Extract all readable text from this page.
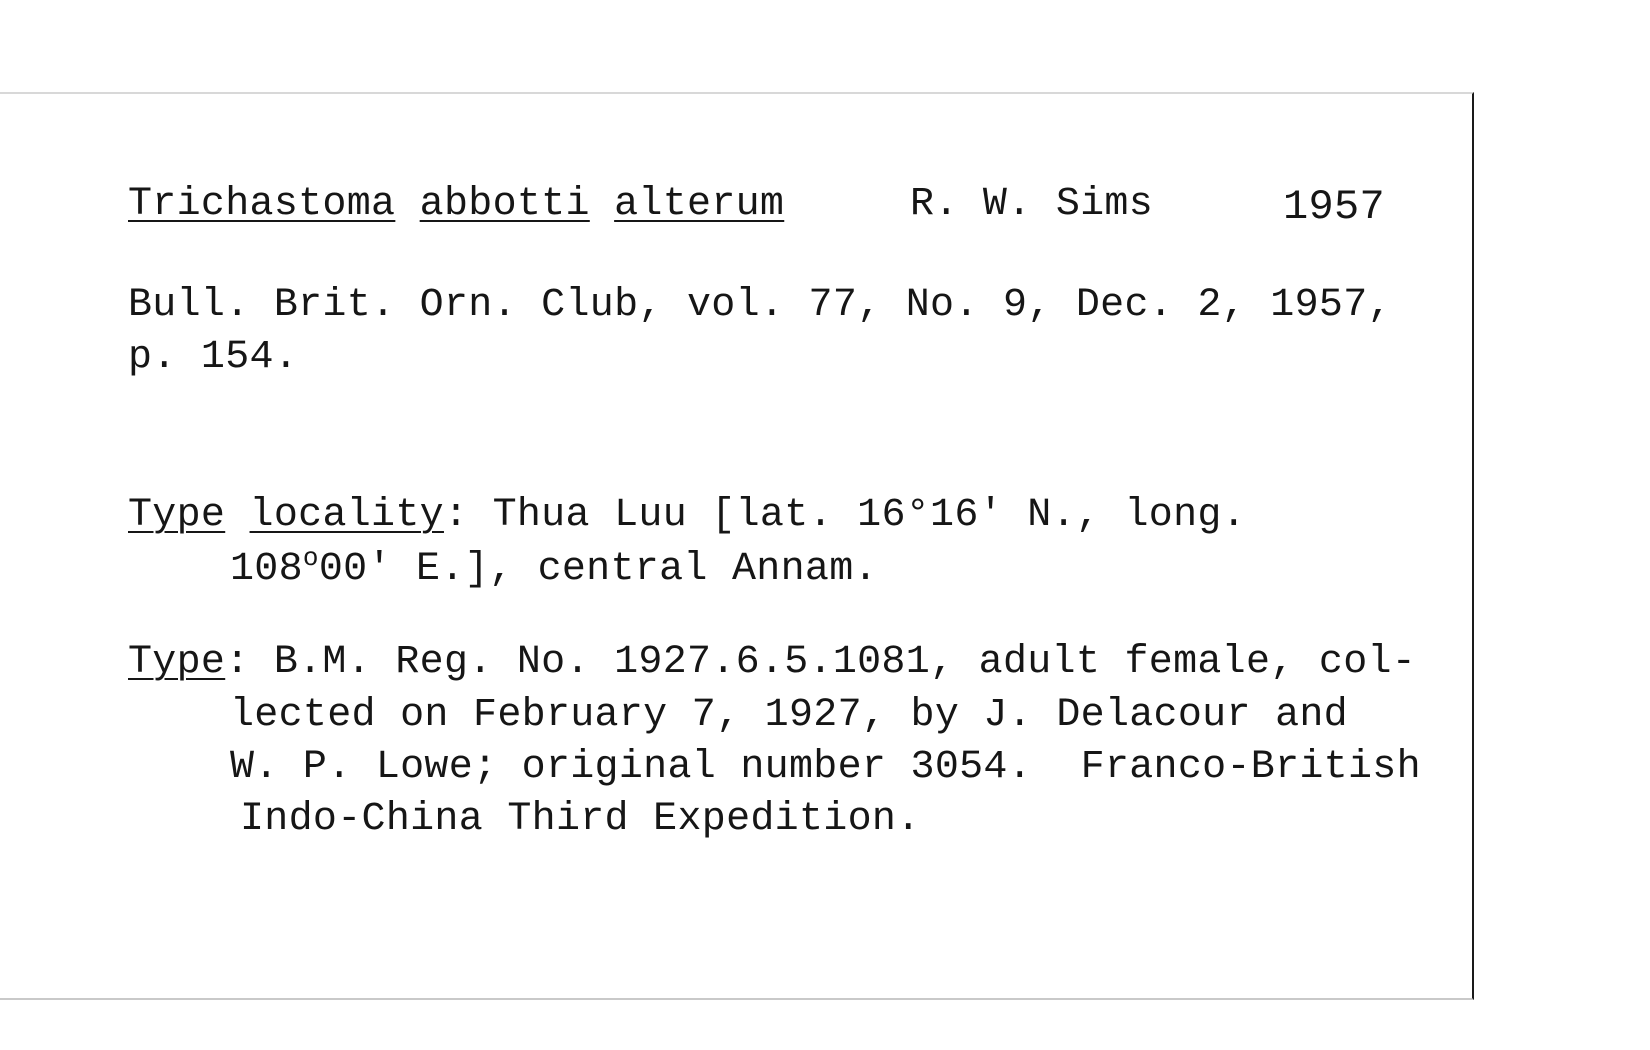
Trichastoma abbotti alterum	R. W. Sims	1957
Bull. Brit. Orn. Club, vol. 77, No. 9, Dec. 2, 1957,
p. 154.
Type locality: Thua Luu [lat. 16°16' N., long.
108$^o$00' E.], central Annam.
Type: B.M. Reg. No. 1927.6.5.1081, adult female, col-
lected on February 7, 1927, by J. Delacour and
W. P. Lowe; original number 3054.  Franco-British
Indo-China Third Expedition.
